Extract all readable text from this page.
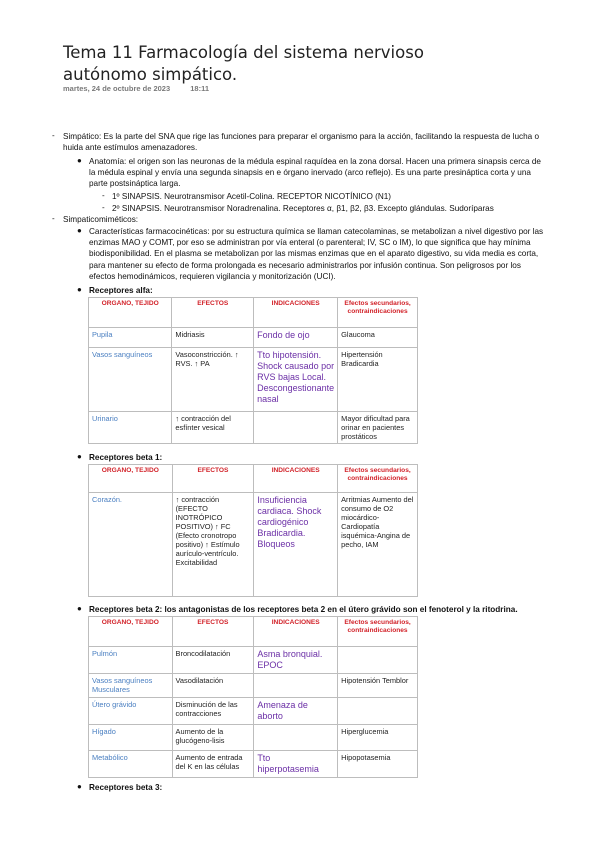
Tema 11 Farmacología del sistema nervioso autónomo simpático.
martes, 24 de octubre de 2023	18:11
- Simpático: Es la parte del SNA que rige las funciones para preparar el organismo para la acción, facilitando la respuesta de lucha o huida ante estímulos amenazadores.
● Anatomía: el origen son las neuronas de la médula espinal raquídea en la zona dorsal. Hacen una primera sinapsis cerca de la médula espinal y envía una segunda sinapsis en e órgano inervado (arco reflejo). Es una parte presináptica corta y una parte postsináptica larga.
- 1º SINAPSIS. Neurotransmisor Acetil-Colina. RECEPTOR NICOTÍNICO (N1)
- 2º SINAPSIS. Neurotransmisor Noradrenalina. Receptores α, β1, β2, β3. Excepto glándulas. Sudoríparas
- Simpaticomiméticos:
● Características farmacocinéticas: por su estructura química se llaman catecolaminas, se metabolizan a nivel digestivo por las enzimas MAO y COMT, por eso se administran por vía enteral (o parenteral; IV, SC o IM), lo que significa que hay mínima biodisponibilidad. En el plasma se metabolizan por las mismas enzimas que en el aparato digestivo, su vida media es corta, para mantener su efecto de forma prolongada es necesario administrarlos por infusión continua. Son peligrosos por los efectos hemodinámicos, requieren vigilancia y monitorización (UCI).
● Receptores alfa:
ORGANO, TEJIDO	EFECTOS	INDICACIONES	Efectos secundarios, contraindicaciones
Pupila	Midriasis	Fondo de ojo	Glaucoma
Vasos sanguíneos	Vasoconstricción. ↑ RVS. ↑ PA	Tto hipotensión. Shock causado por RVS bajas Local. Descongestionante nasal	Hipertensión Bradicardia
Urinario	↑ contracción del esfínter vesical		Mayor dificultad para orinar en pacientes prostáticos
● Receptores beta 1:
ORGANO, TEJIDO	EFECTOS	INDICACIONES	Efectos secundarios, contraindicaciones
Corazón.	↑ contracción (EFECTO INOTRÓPICO POSITIVO) ↑ FC (Efecto cronotropo positivo) ↑ Estímulo aurículo-ventrículo. Excitabilidad	Insuficiencia cardiaca. Shock cardiogénico Bradicardia. Bloqueos	Arritmias Aumento del consumo de O2 miocárdico- Cardiopatía isquémica-Angina de pecho, IAM
● Receptores beta 2: los antagonistas de los receptores beta 2 en el útero grávido son el fenoterol y la ritodrina.
ORGANO, TEJIDO	EFECTOS	INDICACIONES	Efectos secundarios, contraindicaciones
Pulmón	Broncodilatación	Asma bronquial. EPOC	
Vasos sanguíneos Musculares	Vasodilatación		Hipotensión Temblor
Útero grávido	Disminución de las contracciones	Amenaza de aborto	
Hígado	Aumento de la glucógeno-lisis		Hiperglucemia
Metabólico	Aumento de entrada del K en las células	Tto hiperpotasemia	Hipopotasemia
● Receptores beta 3:
